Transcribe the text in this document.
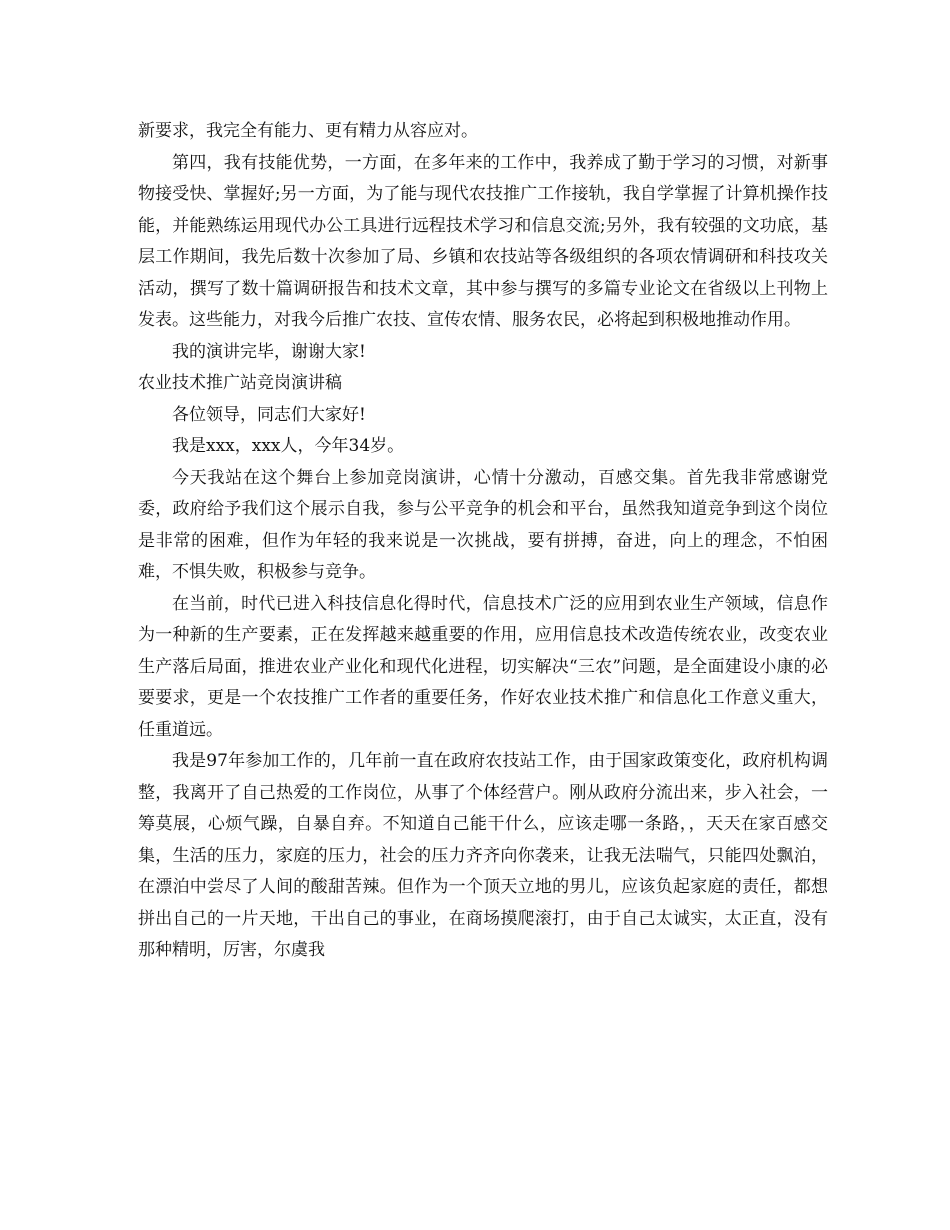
新要求，我完全有能力、更有精力从容应对。

第四，我有技能优势，一方面，在多年来的工作中，我养成了勤于学习的习惯，对新事物接受快、掌握好;另一方面，为了能与现代农技推广工作接轨，我自学掌握了计算机操作技能，并能熟练运用现代办公工具进行远程技术学习和信息交流;另外，我有较强的文功底，基层工作期间，我先后数十次参加了局、乡镇和农技站等各级组织的各项农情调研和科技攻关活动，撰写了数十篇调研报告和技术文章，其中参与撰写的多篇专业论文在省级以上刊物上发表。这些能力，对我今后推广农技、宣传农情、服务农民，必将起到积极地推动作用。

我的演讲完毕，谢谢大家!

农业技术推广站竞岗演讲稿

各位领导，同志们大家好!

我是xxx，xxx人，今年34岁。

今天我站在这个舞台上参加竞岗演讲，心情十分激动，百感交集。首先我非常感谢党委，政府给予我们这个展示自我，参与公平竞争的机会和平台，虽然我知道竞争到这个岗位是非常的困难，但作为年轻的我来说是一次挑战，要有拼搏，奋进，向上的理念，不怕困难，不惧失败，积极参与竞争。

在当前，时代已进入科技信息化得时代，信息技术广泛的应用到农业生产领域，信息作为一种新的生产要素，正在发挥越来越重要的作用，应用信息技术改造传统农业，改变农业生产落后局面，推进农业产业化和现代化进程，切实解决“三农”问题，是全面建设小康的必要要求，更是一个农技推广工作者的重要任务，作好农业技术推广和信息化工作意义重大，任重道远。

我是97年参加工作的，几年前一直在政府农技站工作，由于国家政策变化，政府机构调整，我离开了自己热爱的工作岗位，从事了个体经营户。刚从政府分流出来，步入社会，一筹莫展，心烦气躁，自暴自弃。不知道自己能干什么，应该走哪一条路，，天天在家百感交集，生活的压力，家庭的压力，社会的压力齐齐向你袭来，让我无法喘气，只能四处飘泊，在漂泊中尝尽了人间的酸甜苦辣。但作为一个顶天立地的男儿，应该负起家庭的责任，都想拼出自己的一片天地，干出自己的事业，在商场摸爬滚打，由于自己太诚实，太正直，没有那种精明，厉害，尔虞我
